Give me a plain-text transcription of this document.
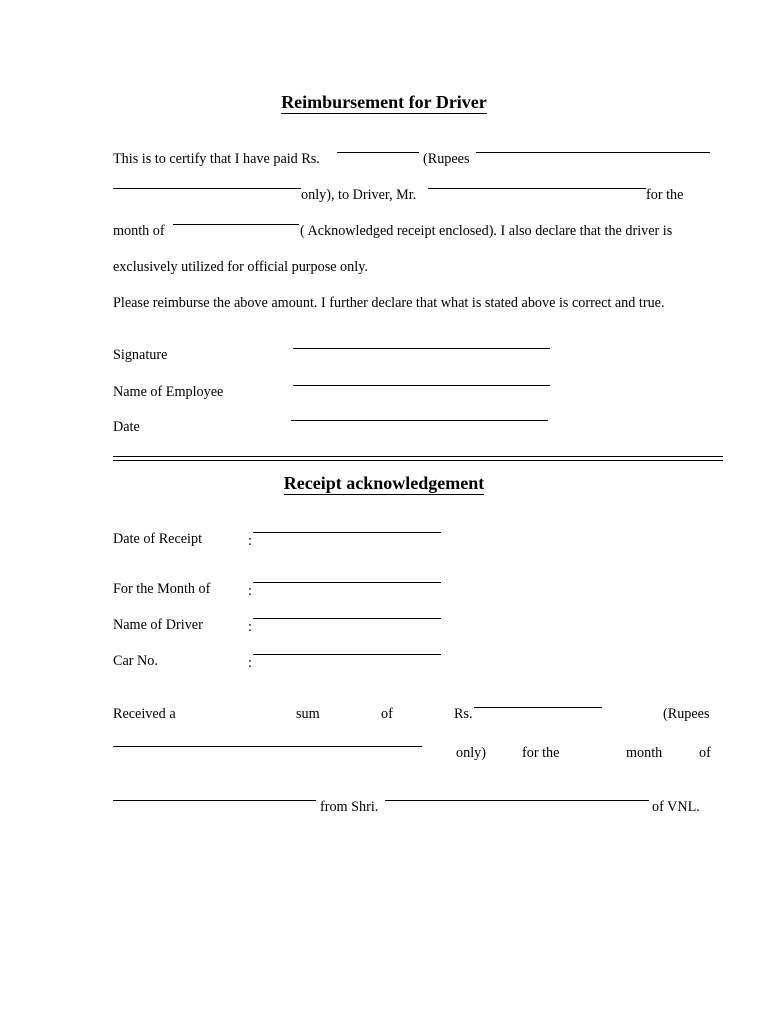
Reimbursement for Driver
This is to certify that I have paid Rs.	(Rupees
only), to Driver, Mr.	for the
month of	( Acknowledged receipt enclosed). I also declare that the driver is
exclusively utilized for official purpose only.
Please reimburse the above amount. I further declare that what is stated above is correct and true.
Signature
Name of Employee
Date
Receipt acknowledgement
Date of Receipt	:
For the Month of	:
Name of Driver	:
Car No.	:
Received a	sum	of	Rs.	(Rupees
only)	for the	month	of
from Shri.	of VNL.
